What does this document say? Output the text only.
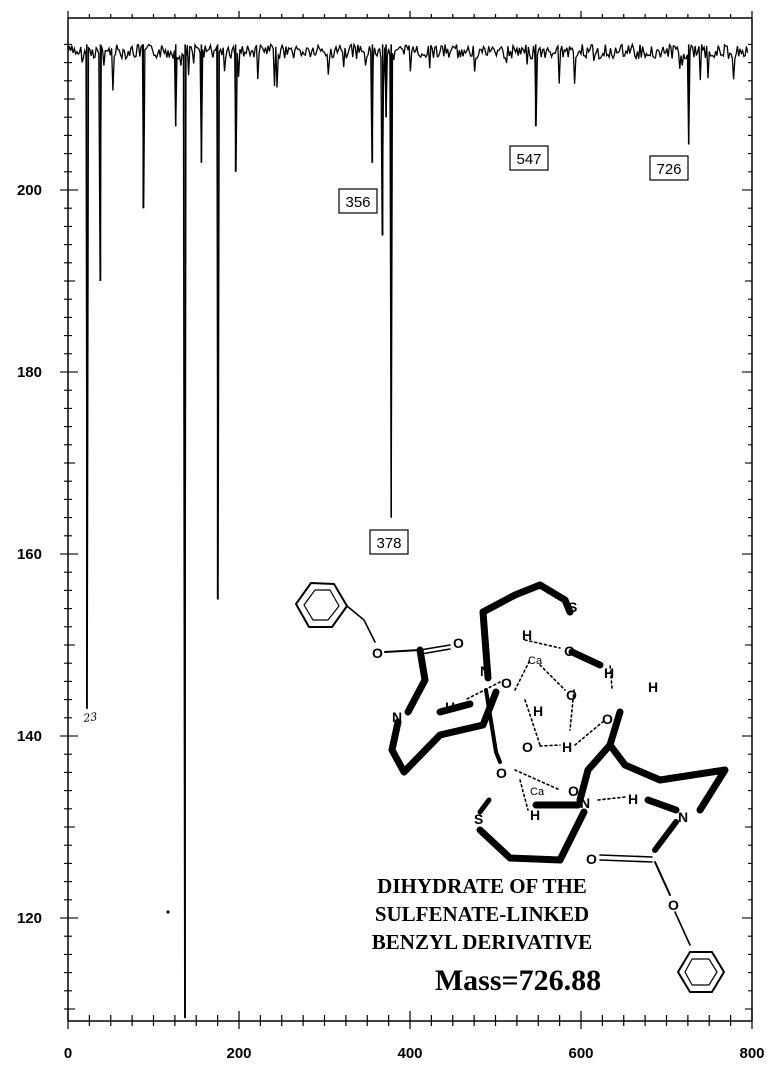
0	200	400	600	800
200
180
160
140
120
356
378
547
726
23
S
O
O
N
H
N
H
Ca
O
H
O
O	H
O
H
O H
O
Ca O
S	H
N	H
N
O
O
DIHYDRATE OF THE
SULFENATE-LINKED
BENZYL DERIVATIVE
Mass=726.88
